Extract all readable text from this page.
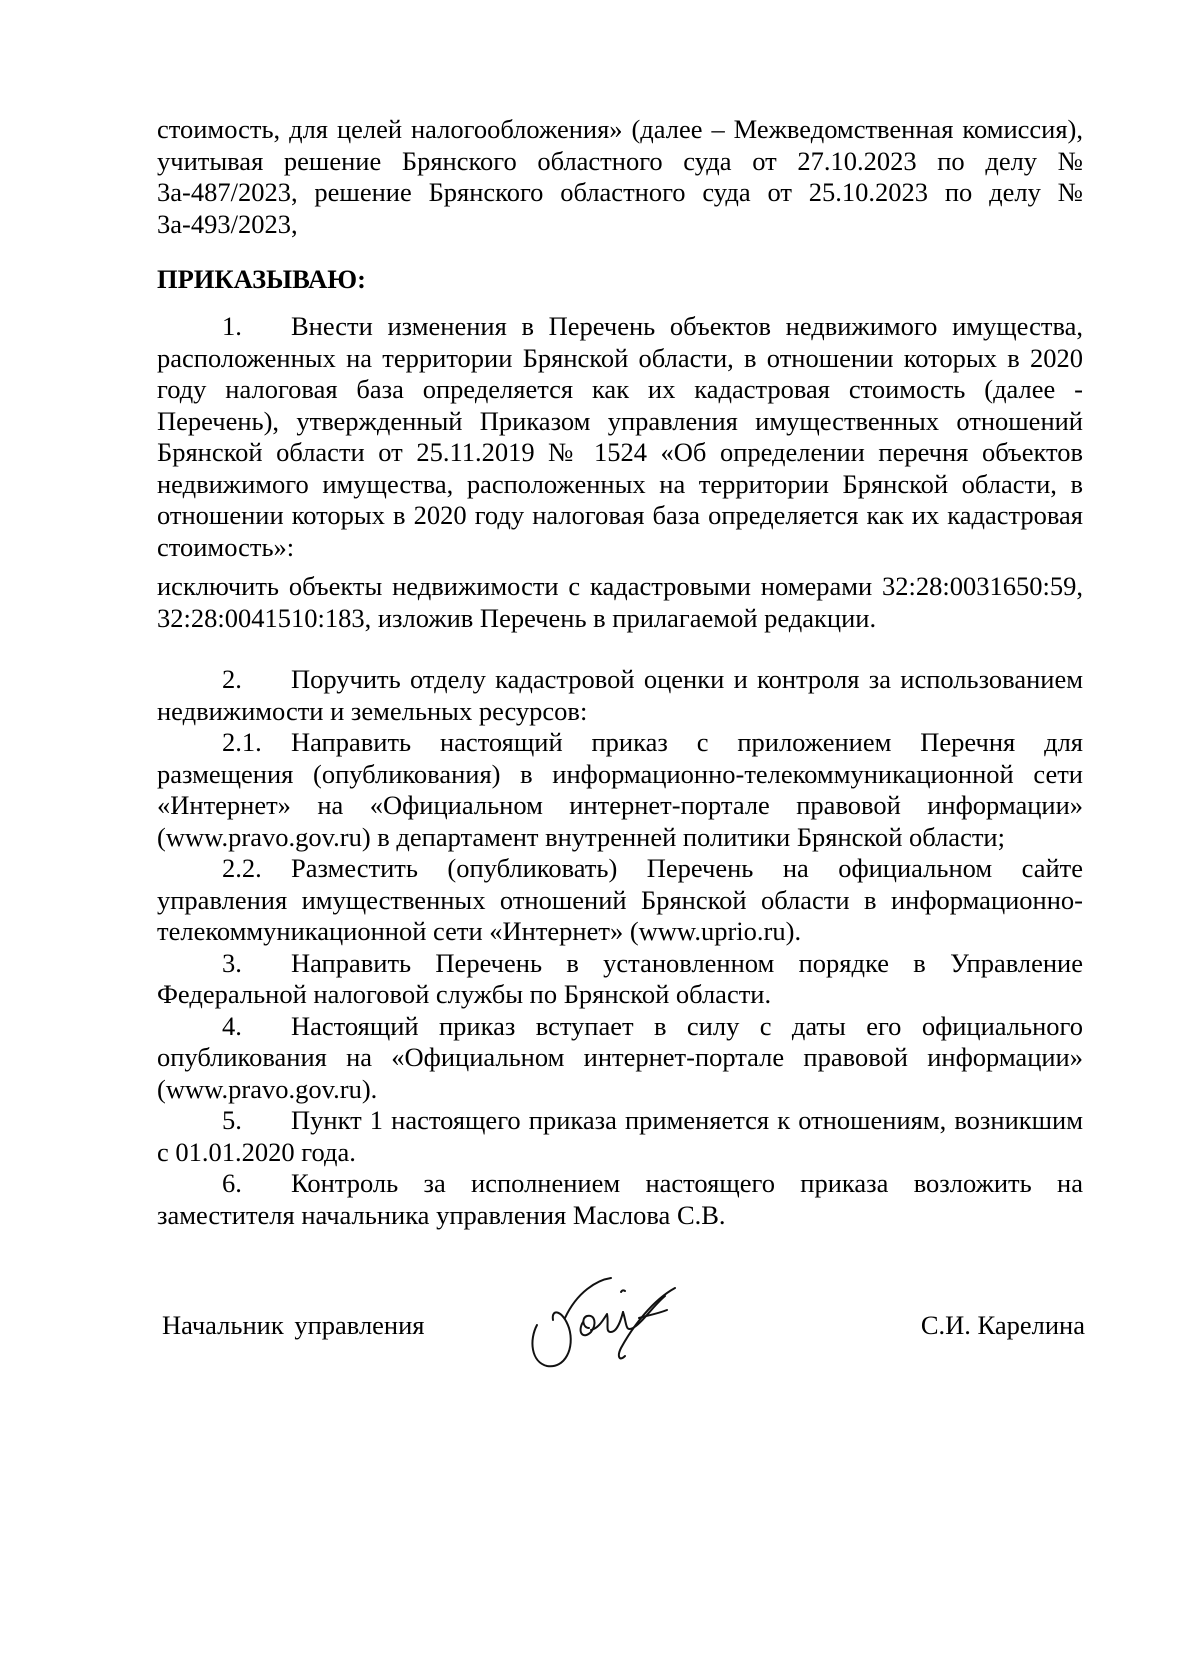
стоимость, для целей налогообложения» (далее – Межведомственная комиссия), учитывая решение Брянского областного суда от 27.10.2023 по делу № 3а-487/2023, решение Брянского областного суда от 25.10.2023 по делу № 3а-493/2023,

ПРИКАЗЫВАЮ:

1. Внести изменения в Перечень объектов недвижимого имущества, расположенных на территории Брянской области, в отношении которых в 2020 году налоговая база определяется как их кадастровая стоимость (далее - Перечень), утвержденный Приказом управления имущественных отношений Брянской области от 25.11.2019 № 1524 «Об определении перечня объектов недвижимого имущества, расположенных на территории Брянской области, в отношении которых в 2020 году налоговая база определяется как их кадастровая стоимость»:

исключить объекты недвижимости с кадастровыми номерами 32:28:0031650:59, 32:28:0041510:183, изложив Перечень в прилагаемой редакции.

2. Поручить отделу кадастровой оценки и контроля за использованием недвижимости и земельных ресурсов:

2.1. Направить настоящий приказ с приложением Перечня для размещения (опубликования) в информационно-телекоммуникационной сети «Интернет» на «Официальном интернет-портале правовой информации» (www.pravo.gov.ru) в департамент внутренней политики Брянской области;

2.2. Разместить (опубликовать) Перечень на официальном сайте управления имущественных отношений Брянской области в информационно-телекоммуникационной сети «Интернет» (www.uprio.ru).

3. Направить Перечень в установленном порядке в Управление Федеральной налоговой службы по Брянской области.

4. Настоящий приказ вступает в силу с даты его официального опубликования на «Официальном интернет-портале правовой информации» (www.pravo.gov.ru).

5. Пункт 1 настоящего приказа применяется к отношениям, возникшим с 01.01.2020 года.

6. Контроль за исполнением настоящего приказа возложить на заместителя начальника управления Маслова С.В.

Начальник управления	С.И. Карелина
